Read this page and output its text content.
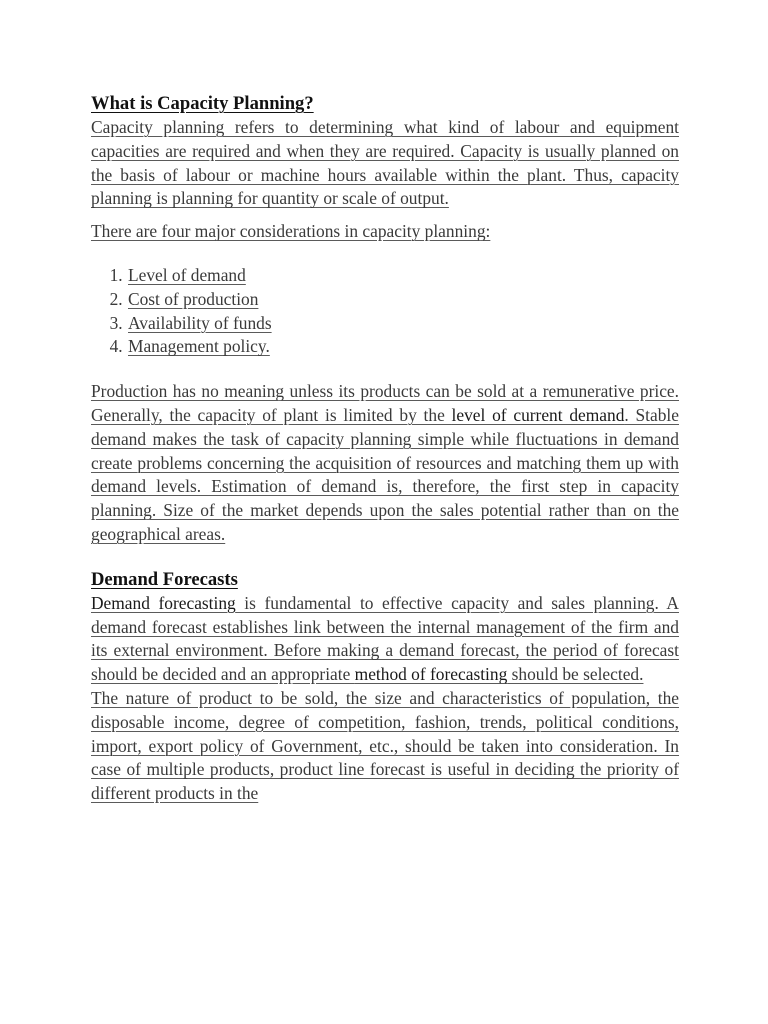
What is Capacity Planning?

Capacity planning refers to determining what kind of labour and equipment capacities are required and when they are required. Capacity is usually planned on the basis of labour or machine hours available within the plant. Thus, capacity planning is planning for quantity or scale of output.

There are four major considerations in capacity planning:

1. Level of demand
2. Cost of production
3. Availability of funds
4. Management policy.

Production has no meaning unless its products can be sold at a remunerative price. Generally, the capacity of plant is limited by the level of current demand. Stable demand makes the task of capacity planning simple while fluctuations in demand create problems concerning the acquisition of resources and matching them up with demand levels. Estimation of demand is, therefore, the first step in capacity planning. Size of the market depends upon the sales potential rather than on the geographical areas.

Demand Forecasts

Demand forecasting is fundamental to effective capacity and sales planning. A demand forecast establishes link between the internal management of the firm and its external environment. Before making a demand forecast, the period of forecast should be decided and an appropriate method of forecasting should be selected.

The nature of product to be sold, the size and characteristics of population, the disposable income, degree of competition, fashion, trends, political conditions, import, export policy of Government, etc., should be taken into consideration. In case of multiple products, product line forecast is useful in deciding the priority of different products in the
